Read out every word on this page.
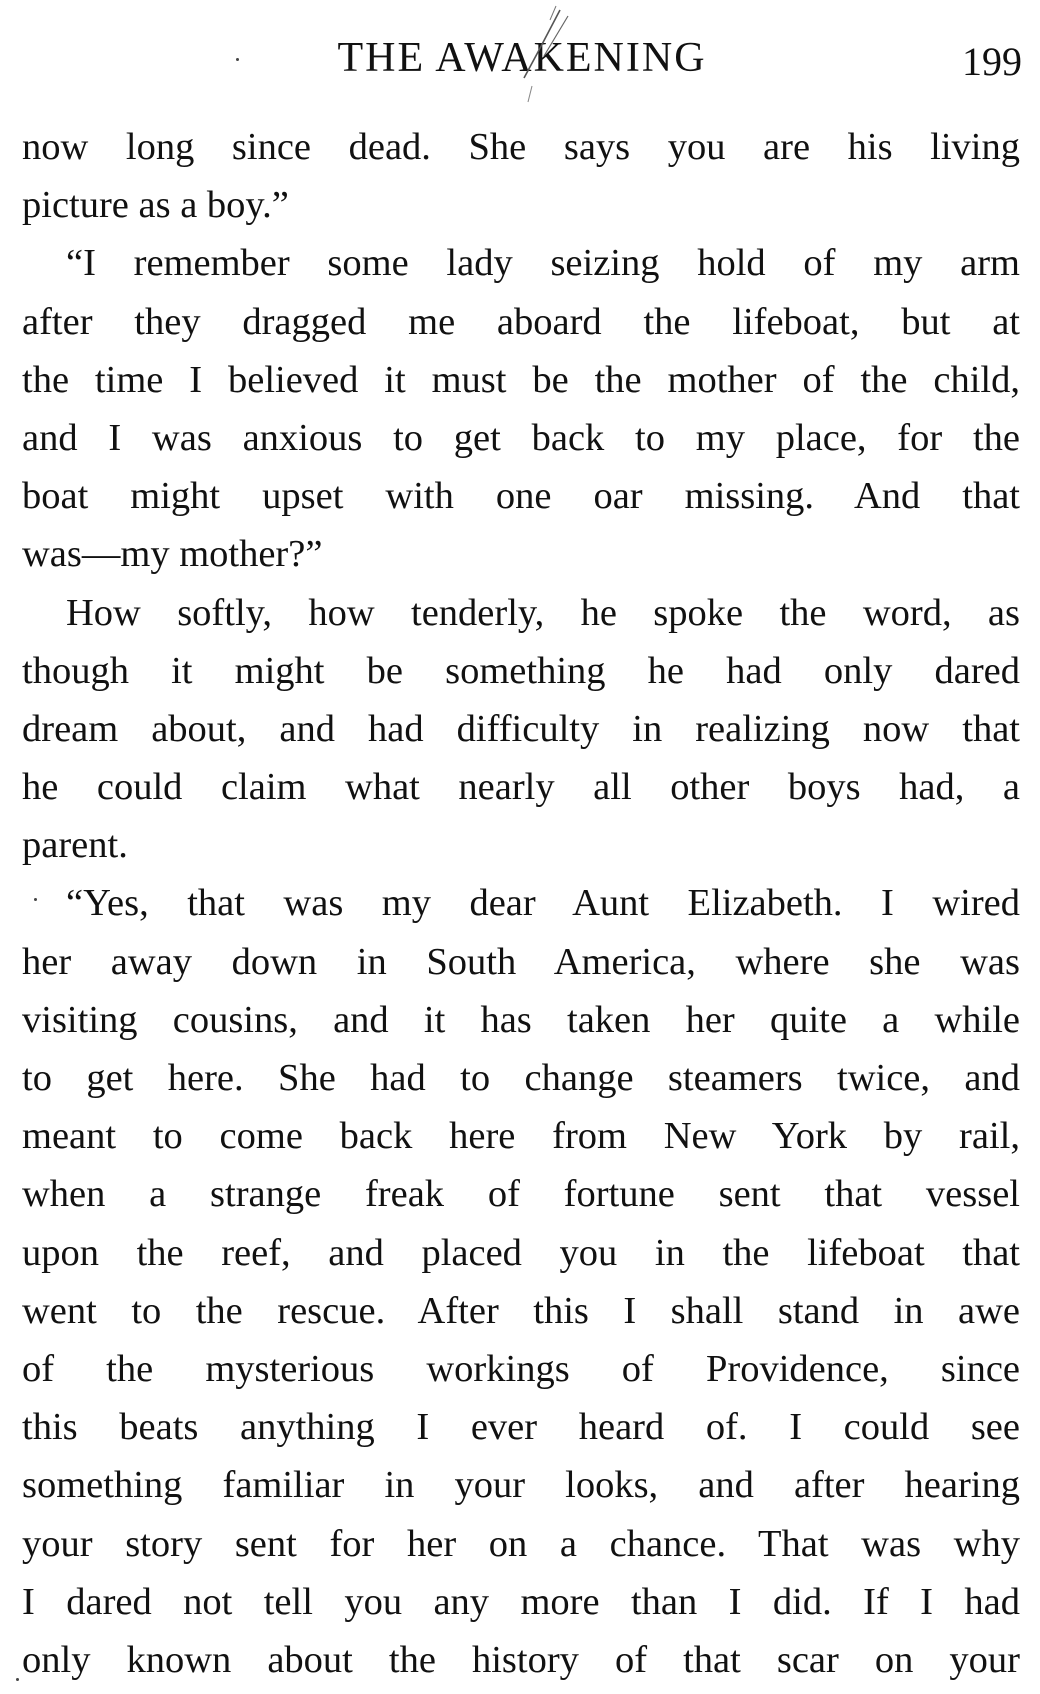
THE AWAKENING	199
now long since dead. She says you are his living
picture as a boy.”
“I remember some lady seizing hold of my arm
after they dragged me aboard the lifeboat, but at
the time I believed it must be the mother of the child,
and I was anxious to get back to my place, for the
boat might upset with one oar missing. And that
was—my mother?”
How softly, how tenderly, he spoke the word, as
though it might be something he had only dared
dream about, and had difficulty in realizing now that
he could claim what nearly all other boys had, a
parent.
“Yes, that was my dear Aunt Elizabeth. I wired
her away down in South America, where she was
visiting cousins, and it has taken her quite a while
to get here. She had to change steamers twice, and
meant to come back here from New York by rail,
when a strange freak of fortune sent that vessel
upon the reef, and placed you in the lifeboat that
went to the rescue. After this I shall stand in awe
of the mysterious workings of Providence, since
this beats anything I ever heard of. I could see
something familiar in your looks, and after hearing
your story sent for her on a chance. That was why
I dared not tell you any more than I did. If I had
only known about the history of that scar on your
